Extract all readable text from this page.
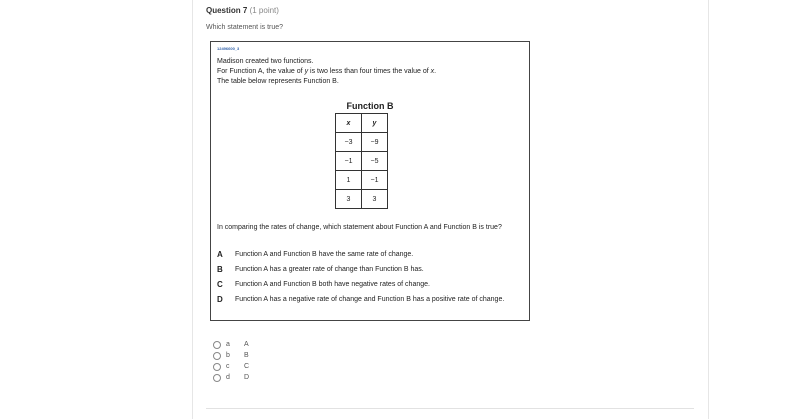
Question 7 (1 point)
Which statement is true?
12496600_3
Madison created two functions.
For Function A, the value of y is two less than four times the value of x.
The table below represents Function B.
Function B
x	y
−3	−9
−1	−5
1	−1
3	3
In comparing the rates of change, which statement about Function A and Function B is true?
A Function A and Function B have the same rate of change.
B Function A has a greater rate of change than Function B has.
C Function A and Function B both have negative rates of change.
D Function A has a negative rate of change and Function B has a positive rate of change.
a A
b B
c C
d D
